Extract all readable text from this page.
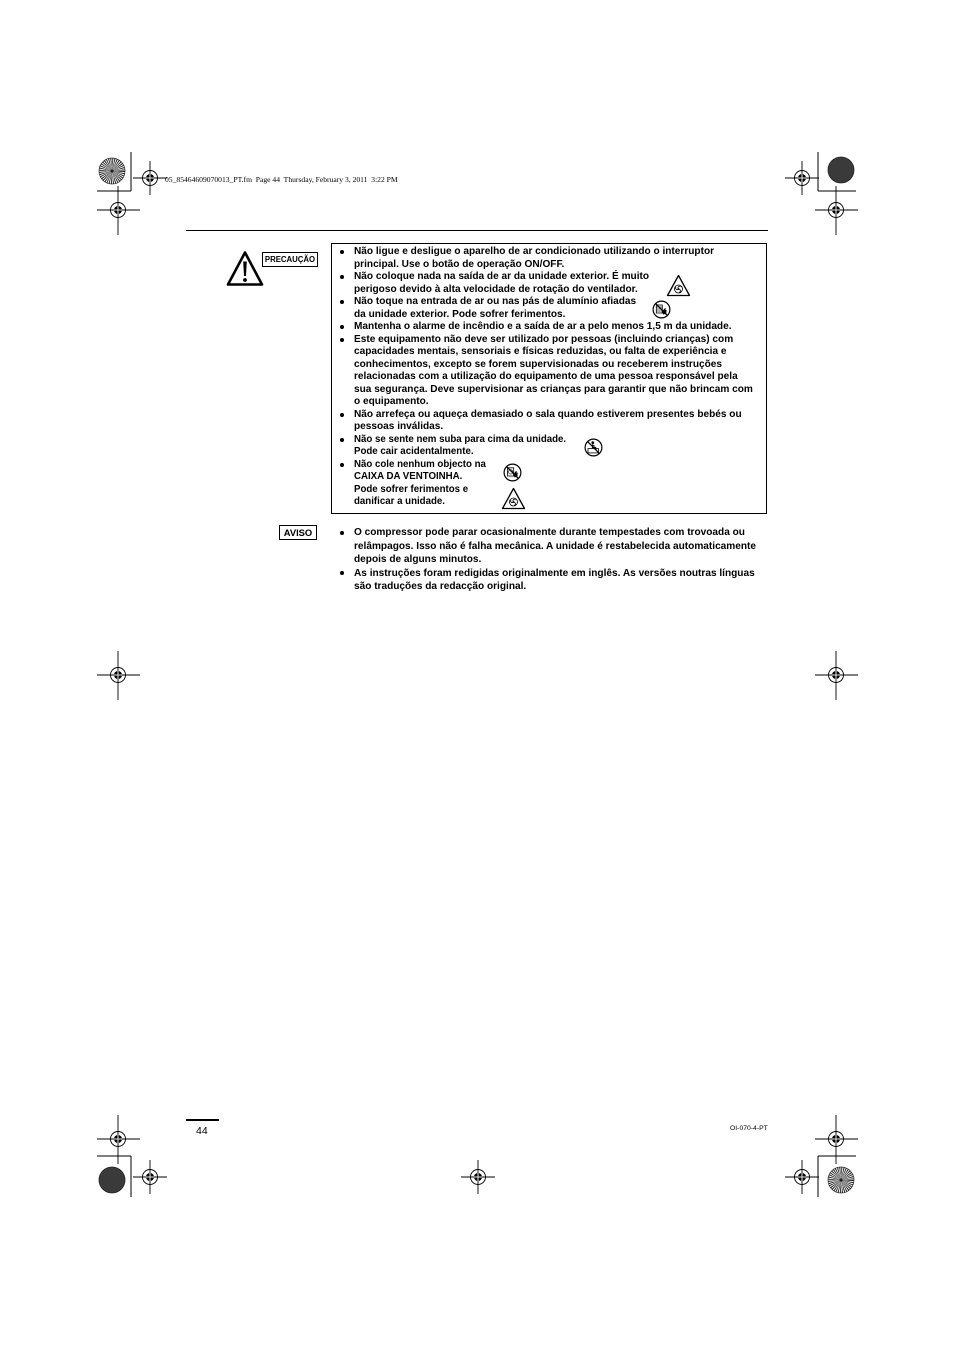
05_85464609070013_PT.fm  Page 44  Thursday, February 3, 2011  3:22 PM
PRECAUÇÃO
Não ligue e desligue o aparelho de ar condicionado utilizando o interruptor
principal. Use o botão de operação ON/OFF.
Não coloque nada na saída de ar da unidade exterior. É muito
perigoso devido à alta velocidade de rotação do ventilador.
Não toque na entrada de ar ou nas pás de alumínio afiadas
da unidade exterior. Pode sofrer ferimentos.
Mantenha o alarme de incêndio e a saída de ar a pelo menos 1,5 m da unidade.
Este equipamento não deve ser utilizado por pessoas (incluindo crianças) com
capacidades mentais, sensoriais e físicas reduzidas, ou falta de experiência e
conhecimentos, excepto se forem supervisionadas ou receberem instruções
relacionadas com a utilização do equipamento de uma pessoa responsável pela
sua segurança. Deve supervisionar as crianças para garantir que não brincam com
o equipamento.
Não arrefeça ou aqueça demasiado o sala quando estiverem presentes bebés ou
pessoas inválidas.
Não se sente nem suba para cima da unidade.
Pode cair acidentalmente.
Não cole nenhum objecto na
CAIXA DA VENTOINHA.
Pode sofrer ferimentos e
danificar a unidade.
AVISO	O compressor pode parar ocasionalmente durante tempestades com trovoada ou
relâmpagos. Isso não é falha mecânica. A unidade é restabelecida automaticamente
depois de alguns minutos.
As instruções foram redigidas originalmente em inglês. As versões noutras línguas
são traduções da redacção original.
44	OI-070-4-PT
